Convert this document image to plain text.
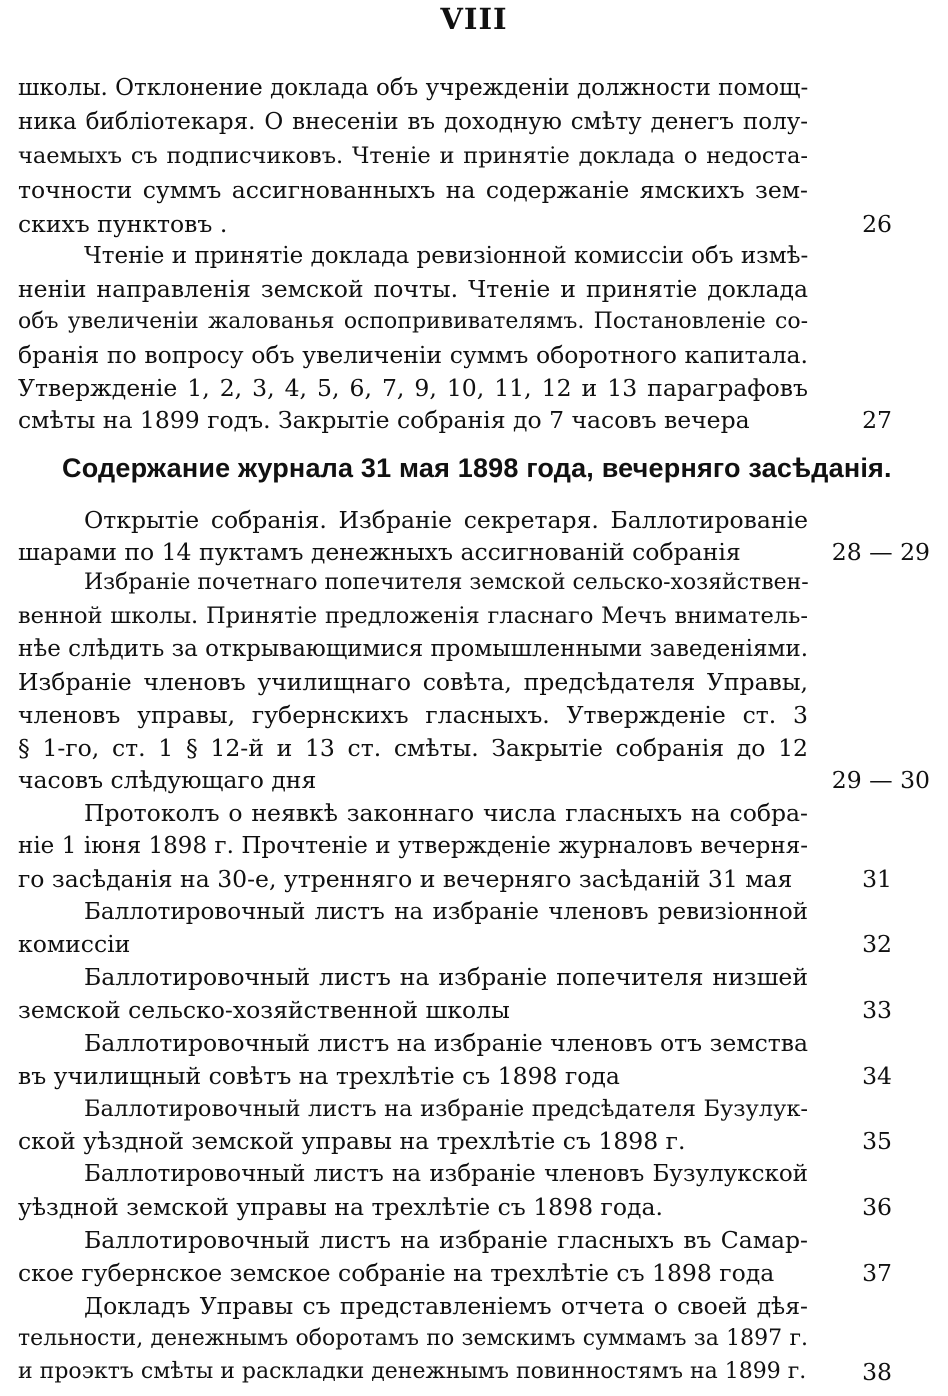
VIII
школы. Отклонение доклада объ учрежденіи должности помощ-
ника библіотекаря. О внесеніи въ доходную смѣту денегъ полу-
чаемыхъ съ подписчиковъ. Чтеніе и принятіе доклада о недоста-
точности суммъ ассигнованныхъ на содержаніе ямскихъ зем-
скихъ пунктовъ .	26
Чтеніе и принятіе доклада ревизіонной комиссіи объ измѣ-
неніи направленія земской почты. Чтеніе и принятіе доклада
объ увеличеніи жалованья оспопрививателямъ. Постановленіе со-
бранія по вопросу объ увеличеніи суммъ оборотного капитала.
Утвержденіе 1, 2, 3, 4, 5, 6, 7, 9, 10, 11, 12 и 13 параграфовъ
смѣты на 1899 годъ. Закрытіе собранія до 7 часовъ вечера	27
Содержание журнала 31 мая 1898 года, вечерняго засѣданія.
Открытіе собранія. Избраніе секретаря. Баллотированіе
шарами по 14 пуктамъ денежныхъ ассигнованій собранія	28 — 29
Избраніе почетнаго попечителя земской сельско-хозяйствен-
венной школы. Принятіе предложенія гласнаго Мечъ вниматель-
нѣе слѣдить за открывающимися промышленными заведеніями.
Избраніе членовъ училищнаго совѣта, предсѣдателя Управы,
членовъ управы, губернскихъ гласныхъ. Утвержденіе ст. 3
§ 1-го, ст. 1 § 12-й и 13 ст. смѣты. Закрытіе собранія до 12
часовъ слѣдующаго дня	29 — 30
Протоколъ о неявкѣ законнаго числа гласныхъ на собра-
ніе 1 іюня 1898 г. Прочтеніе и утвержденіе журналовъ вечерня-
го засѣданія на 30-е, утренняго и вечерняго засѣданій 31 мая	31
Баллотировочный листъ на избраніе членовъ ревизіонной
комиссіи	32
Баллотировочный листъ на избраніе попечителя низшей
земской сельско-хозяйственной школы	33
Баллотировочный листъ на избраніе членовъ отъ земства
въ училищный совѣтъ на трехлѣтіе съ 1898 года	34
Баллотировочный листъ на избраніе предсѣдателя Бузулук-
ской уѣздной земской управы на трехлѣтіе съ 1898 г.	35
Баллотировочный листъ на избраніе членовъ Бузулукской
уѣздной земской управы на трехлѣтіе съ 1898 года.	36
Баллотировочный листъ на избраніе гласныхъ въ Самар-
ское губернское земское собраніе на трехлѣтіе съ 1898 года	37
Докладъ Управы съ представленіемъ отчета о своей дѣя-
тельности, денежнымъ оборотамъ по земскимъ суммамъ за 1897 г.
и проэктъ смѣты и раскладки денежнымъ повинностямъ на 1899 г.	38
